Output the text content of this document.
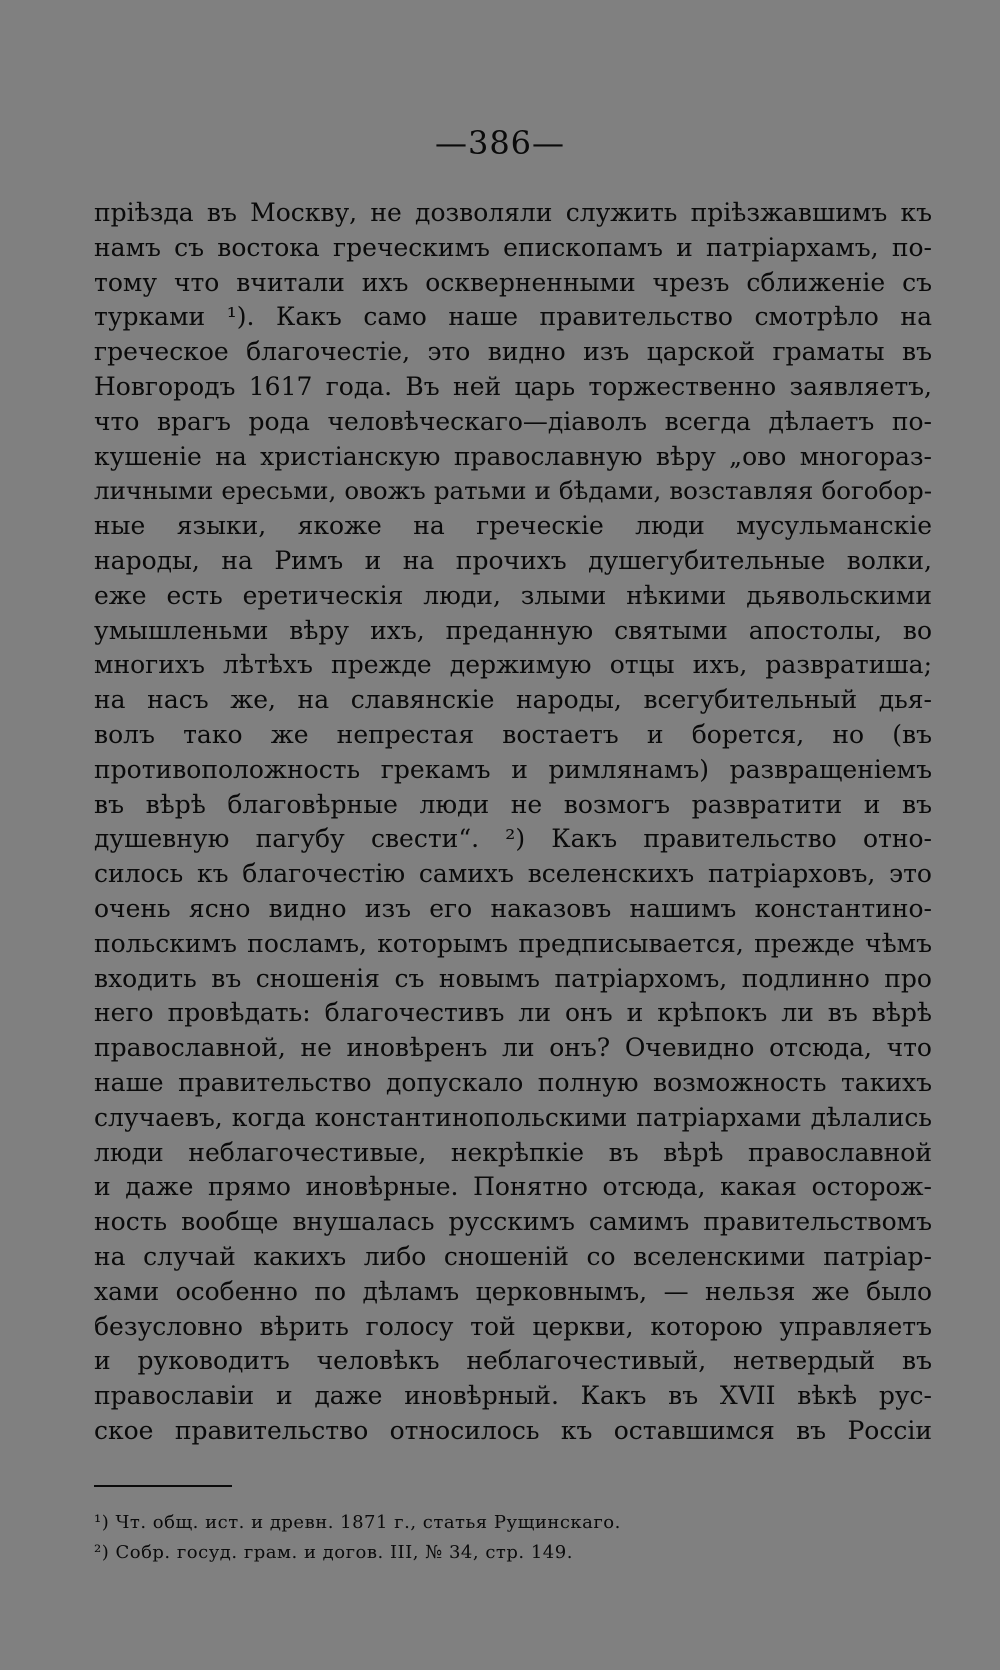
—386—
прiѣзда въ Москву, не дозволяли служить прiѣзжавшимъ къ
намъ съ востока греческимъ епископамъ и патрiархамъ, по-
тому что вчитали ихъ оскверненными чрезъ сближенiе съ
турками ¹). Какъ само наше правительство смотрѣло на
греческое благочестiе, это видно изъ царской граматы въ
Новгородъ 1617 года. Въ ней царь торжественно заявляетъ,
что врагъ рода человѣческаго—дiаволъ всегда дѣлаетъ по-
кушенiе на христiанскую православную вѣру „ово многораз-
личными ересьми, овожъ ратьми и бѣдами, возставляя богобор-
ные языки, якоже на греческiе люди мусульманскiе
народы, на Римъ и на прочихъ душегубительные волки,
еже есть еретическiя люди, злыми нѣкими дьявольскими
умышленьми вѣру ихъ, преданную святыми апостолы, во
многихъ лѣтѣхъ прежде держимую отцы ихъ, развратиша;
на насъ же, на славянскiе народы, всегубительный дья-
волъ тако же непрестая востаетъ и борется, но (въ
противоположность грекамъ и римлянамъ) развращенiемъ
въ вѣрѣ благовѣрные люди не возмогъ развратити и въ
душевную пагубу свести“. ²) Какъ правительство отно-
силось къ благочестiю самихъ вселенскихъ патрiарховъ, это
очень ясно видно изъ его наказовъ нашимъ константино-
польскимъ посламъ, которымъ предписывается, прежде чѣмъ
входить въ сношенiя съ новымъ патрiархомъ, подлинно про
него провѣдать: благочестивъ ли онъ и крѣпокъ ли въ вѣрѣ
православной, не иновѣренъ ли онъ? Очевидно отсюда, что
наше правительство допускало полную возможность такихъ
случаевъ, когда константинопольскими патрiархами дѣлались
люди неблагочестивые, некрѣпкiе въ вѣрѣ православной
и даже прямо иновѣрные. Понятно отсюда, какая осторож-
ность вообще внушалась русскимъ самимъ правительствомъ
на случай какихъ либо сношенiй со вселенскими патрiар-
хами особенно по дѣламъ церковнымъ, — нельзя же было
безусловно вѣрить голосу той церкви, которою управляетъ
и руководитъ человѣкъ неблагочестивый, нетвердый въ
православiи и даже иновѣрный. Какъ въ XVII вѣкѣ рус-
ское правительство относилось къ оставшимся въ Россiи
¹) Чт. общ. ист. и древн. 1871 г., статья Рущинскаго.
²) Собр. госуд. грам. и догов. III, № 34, стр. 149.
